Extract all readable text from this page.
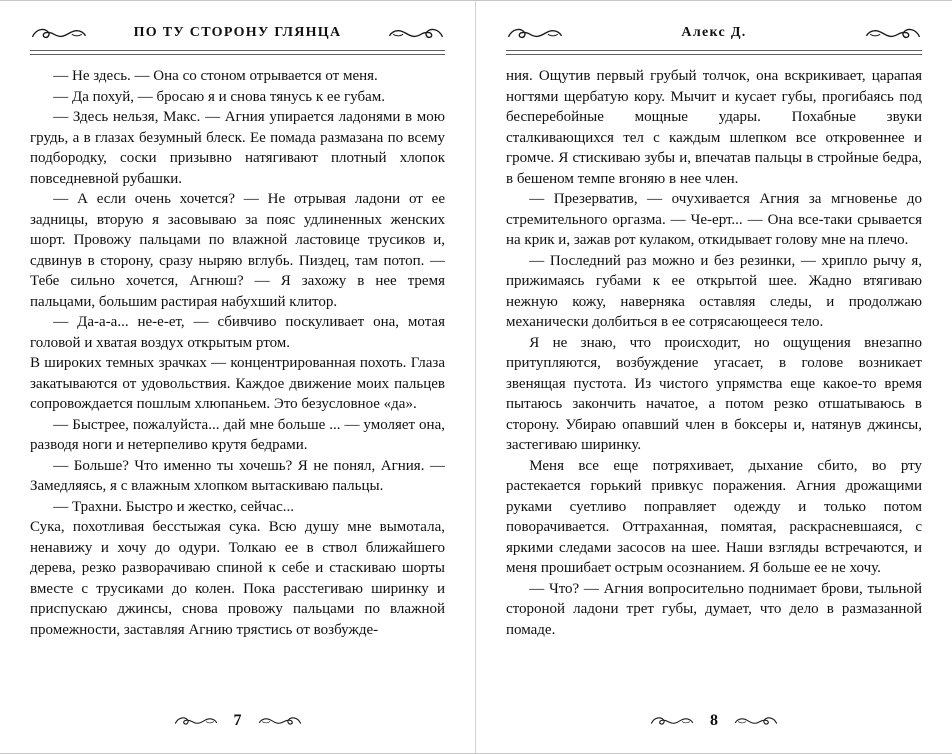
ПО ТУ СТОРОНУ ГЛЯНЦА

— Не здесь. — Она со стоном отрывается от меня.

— Да похуй, — бросаю я и снова тянусь к ее губам.

— Здесь нельзя, Макс. — Агния упирается ладонями в мою грудь, а в глазах безумный блеск. Ее помада размазана по всему подбородку, соски призывно натягивают плотный хлопок повседневной рубашки.

— А если очень хочется? — Не отрывая ладони от ее задницы, вторую я засовываю за пояс удлиненных женских шорт. Провожу пальцами по влажной ластовице трусиков и, сдвинув в сторону, сразу ныряю вглубь. Пиздец, там потоп. — Тебе сильно хочется, Агнюш? — Я захожу в нее тремя пальцами, большим растирая набухший клитор.

— Да-а-а... не-е-ет, — сбивчиво поскуливает она, мотая головой и хватая воздух открытым ртом.

В широких темных зрачках — концентрированная похоть. Глаза закатываются от удовольствия. Каждое движение моих пальцев сопровождается пошлым хлюпаньем. Это безусловное «да».

— Быстрее, пожалуйста... дай мне больше ... — умоляет она, разводя ноги и нетерпеливо крутя бедрами.

— Больше? Что именно ты хочешь? Я не понял, Агния. — Замедляясь, я с влажным хлопком вытаскиваю пальцы.

— Трахни. Быстро и жестко, сейчас...

Сука, похотливая бесстыжая сука. Всю душу мне вымотала, ненавижу и хочу до одури. Толкаю ее в ствол ближайшего дерева, резко разворачиваю спиной к себе и стаскиваю шорты вместе с трусиками до колен. Пока расстегиваю ширинку и приспускаю джинсы, снова провожу пальцами по влажной промежности, заставляя Агнию трястись от возбужде-

7
Алекс Д.

ния. Ощутив первый грубый толчок, она вскрикивает, царапая ногтями щербатую кору. Мычит и кусает губы, прогибаясь под бесперебойные мощные удары. Похабные звуки сталкивающихся тел с каждым шлепком все откровеннее и громче. Я стискиваю зубы и, впечатав пальцы в стройные бедра, в бешеном темпе вгоняю в нее член.

— Презерватив, — очухивается Агния за мгновенье до стремительного оргазма. — Че-ерт... — Она все-таки срывается на крик и, зажав рот кулаком, откидывает голову мне на плечо.

— Последний раз можно и без резинки, — хрипло рычу я, прижимаясь губами к ее открытой шее. Жадно втягиваю нежную кожу, наверняка оставляя следы, и продолжаю механически долбиться в ее сотрясающееся тело.

Я не знаю, что происходит, но ощущения внезапно притупляются, возбуждение угасает, в голове возникает звенящая пустота. Из чистого упрямства еще какое-то время пытаюсь закончить начатое, а потом резко отшатываюсь в сторону. Убираю опавший член в боксеры и, натянув джинсы, застегиваю ширинку.

Меня все еще потряхивает, дыхание сбито, во рту растекается горький привкус поражения. Агния дрожащими руками суетливо поправляет одежду и только потом поворачивается. Оттраханная, помятая, раскрасневшаяся, с яркими следами засосов на шее. Наши взгляды встречаются, и меня прошибает острым осознанием. Я больше ее не хочу.

— Что? — Агния вопросительно поднимает брови, тыльной стороной ладони трет губы, думает, что дело в размазанной помаде.

8
